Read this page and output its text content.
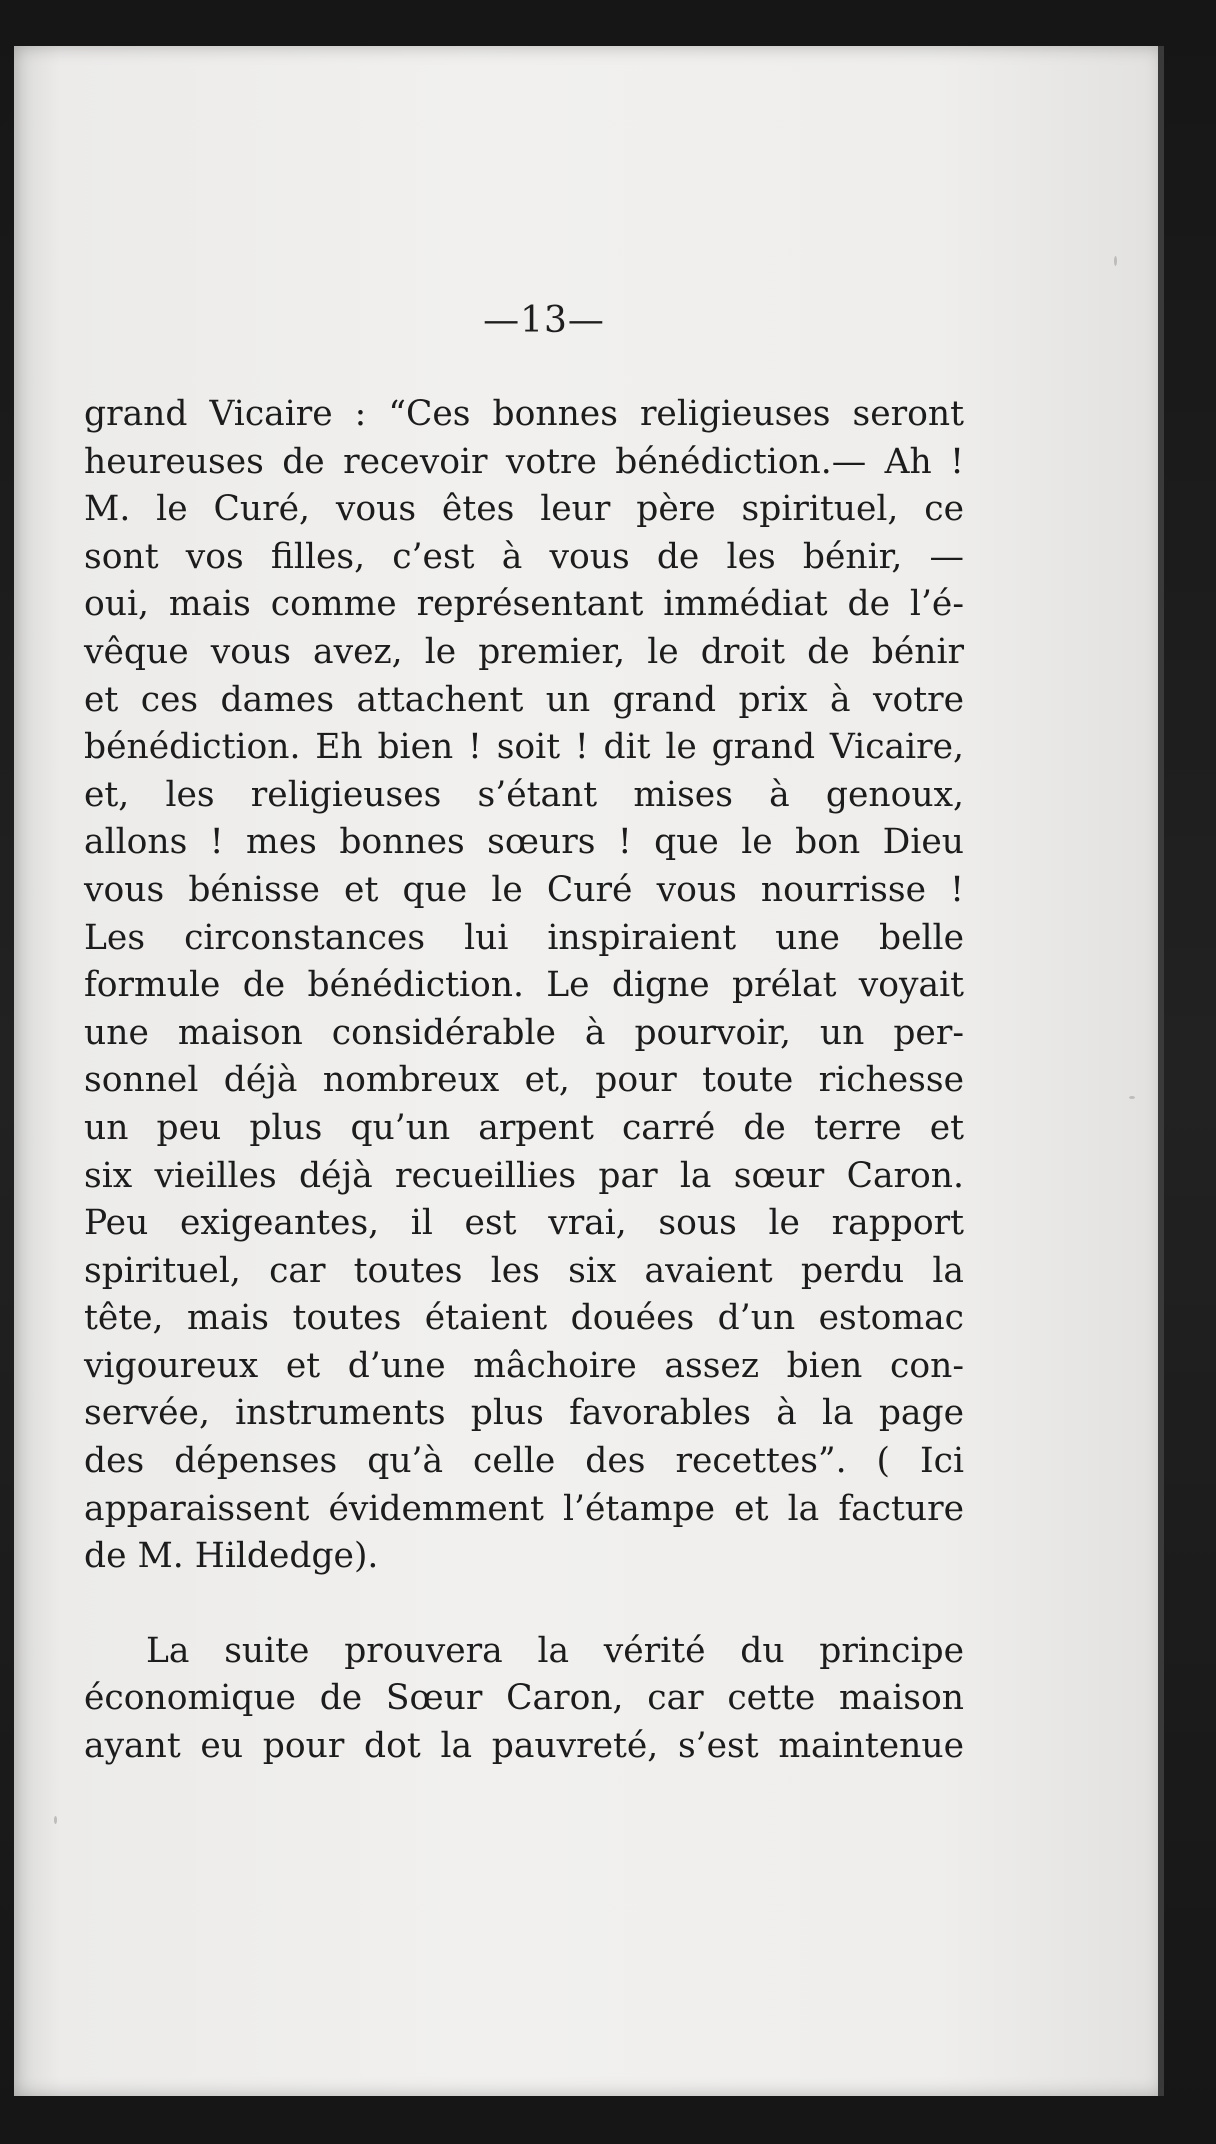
—13—
grand Vicaire : “Ces bonnes religieuses seront
heureuses de recevoir votre bénédiction.— Ah !
M. le Curé, vous êtes leur père spirituel, ce
sont vos filles, c’est à vous de les bénir, —
oui, mais comme représentant immédiat de l’é-
vêque vous avez, le premier, le droit de bénir
et ces dames attachent un grand prix à votre
bénédiction. Eh bien ! soit ! dit le grand Vicaire,
et, les religieuses s’étant mises à genoux,
allons ! mes bonnes sœurs ! que le bon Dieu
vous bénisse et que le Curé vous nourrisse !
Les circonstances lui inspiraient une belle
formule de bénédiction. Le digne prélat voyait
une maison considérable à pourvoir, un per-
sonnel déjà nombreux et, pour toute richesse
un peu plus qu’un arpent carré de terre et
six vieilles déjà recueillies par la sœur Caron.
Peu exigeantes, il est vrai, sous le rapport
spirituel, car toutes les six avaient perdu la
tête, mais toutes étaient douées d’un estomac
vigoureux et d’une mâchoire assez bien con-
servée, instruments plus favorables à la page
des dépenses qu’à celle des recettes”. ( Ici
apparaissent évidemment l’étampe et la facture
de M. Hildedge).
La suite prouvera la vérité du principe
économique de Sœur Caron, car cette maison
ayant eu pour dot la pauvreté, s’est maintenue
